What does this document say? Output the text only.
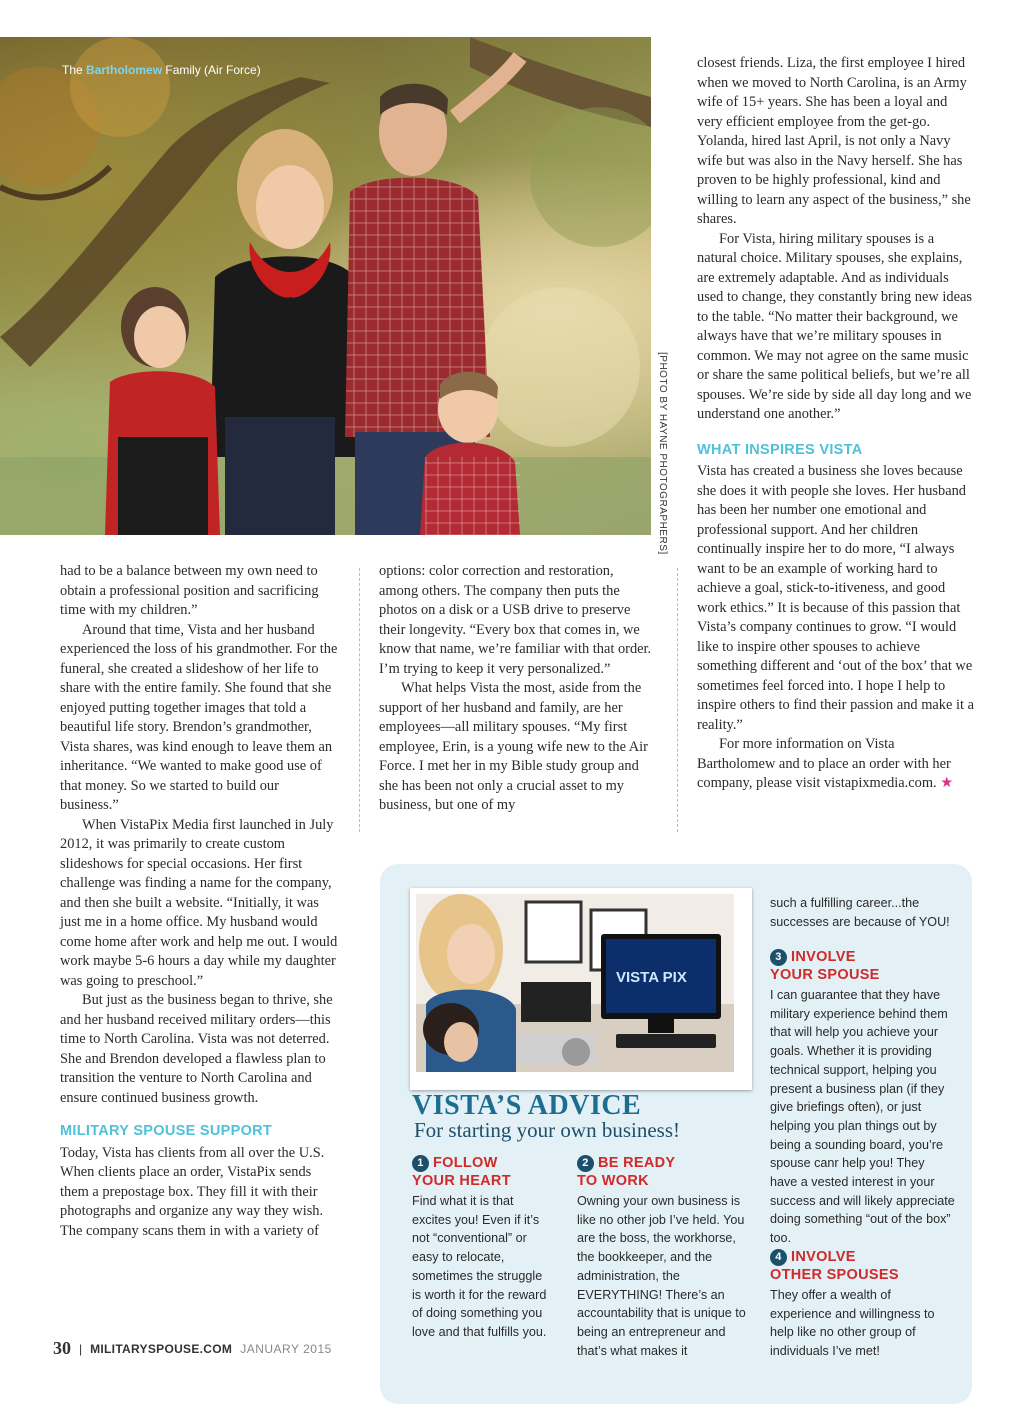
The Bartholomew Family (Air Force)
[PHOTO BY HAYNE PHOTOGRAPHERS]

had to be a balance between my own need to obtain a professional position and sacrificing time with my children.”

Around that time, Vista and her husband experienced the loss of his grandmother. For the funeral, she created a slideshow of her life to share with the entire family. She found that she enjoyed putting together images that told a beautiful life story. Brendon’s grandmother, Vista shares, was kind enough to leave them an inheritance. “We wanted to make good use of that money. So we started to build our business.”

When VistaPix Media first launched in July 2012, it was primarily to create custom slideshows for special occasions. Her first challenge was finding a name for the company, and then she built a website. “Initially, it was just me in a home office. My husband would come home after work and help me out. I would work maybe 5-6 hours a day while my daughter was going to preschool.”

But just as the business began to thrive, she and her husband received military orders—this time to North Carolina. Vista was not deterred. She and Brendon developed a flawless plan to transition the venture to North Carolina and ensure continued business growth.

MILITARY SPOUSE SUPPORT

Today, Vista has clients from all over the U.S. When clients place an order, VistaPix sends them a prepostage box. They fill it with their photographs and organize any way they wish. The company scans them in with a variety of

options: color correction and restoration, among others. The company then puts the photos on a disk or a USB drive to preserve their longevity. “Every box that comes in, we know that name, we’re familiar with that order. I’m trying to keep it very personalized.”

What helps Vista the most, aside from the support of her husband and family, are her employees—all military spouses. “My first employee, Erin, is a young wife new to the Air Force. I met her in my Bible study group and she has been not only a crucial asset to my business, but one of my

closest friends. Liza, the first employee I hired when we moved to North Carolina, is an Army wife of 15+ years. She has been a loyal and very efficient employee from the get-go. Yolanda, hired last April, is not only a Navy wife but was also in the Navy herself. She has proven to be highly professional, kind and willing to learn any aspect of the business,” she shares.

For Vista, hiring military spouses is a natural choice. Military spouses, she explains, are extremely adaptable. And as individuals used to change, they constantly bring new ideas to the table. “No matter their background, we always have that we’re military spouses in common. We may not agree on the same music or share the same political beliefs, but we’re all spouses. We’re side by side all day long and we understand one another.”

WHAT INSPIRES VISTA

Vista has created a business she loves because she does it with people she loves. Her husband has been her number one emotional and professional support. And her children continually inspire her to do more, “I always want to be an example of working hard to achieve a goal, stick-to-itiveness, and good work ethics.” It is because of this passion that Vista’s company continues to grow. “I would like to inspire other spouses to achieve something different and ‘out of the box’ that we sometimes feel forced into. I hope I help to inspire others to find their passion and make it a reality.”

For more information on Vista Bartholomew and to place an order with her company, please visit vistapixmedia.com. ★

VISTA PIX
VISTA’S ADVICE
For starting your own business!
1 FOLLOW
YOUR HEART
Find what it is that excites you! Even if it’s not “conventional” or easy to relocate, sometimes the struggle is worth it for the reward of doing something you love and that fulfills you.
2 BE READY
TO WORK
Owning your own business is like no other job I’ve held. You are the boss, the workhorse, the bookkeeper, and the administration, the EVERYTHING! There’s an accountability that is unique to being an entrepreneur and that’s what makes it
such a fulfilling career...the successes are because of YOU!
3 INVOLVE
YOUR SPOUSE
I can guarantee that they have military experience behind them that will help you achieve your goals. Whether it is providing technical support, helping you present a business plan (if they give briefings often), or just helping you plan things out by being a sounding board, you’re spouse canr help you! They have a vested interest in your success and will likely appreciate doing something “out of the box” too.
4 INVOLVE
OTHER SPOUSES
They offer a wealth of experience and willingness to help like no other group of individuals I’ve met!
30 | MILITARYSPOUSE.COM JANUARY 2015
